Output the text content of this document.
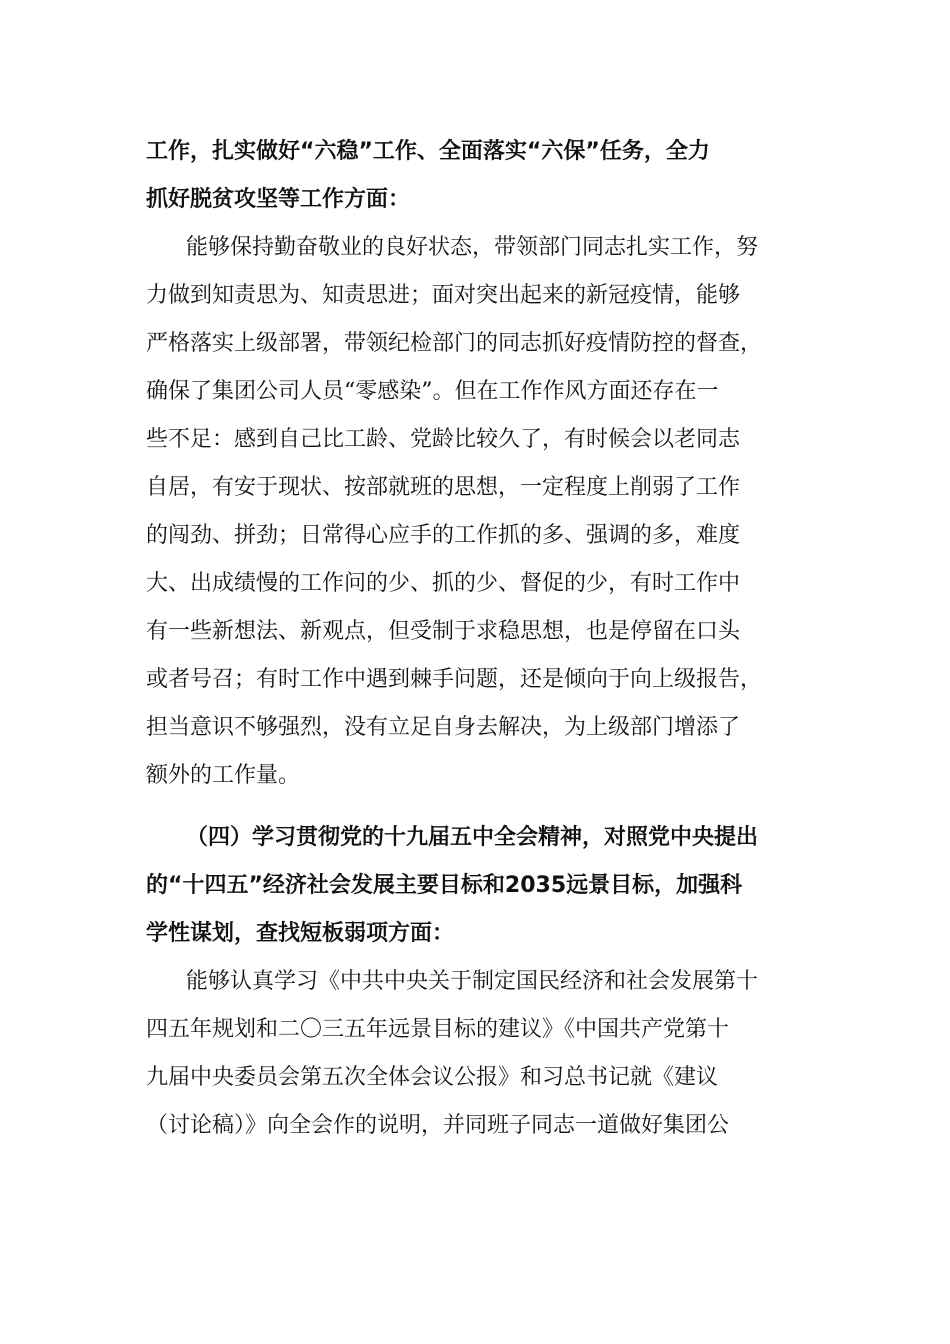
工作，扎实做好“六稳”工作、全面落实“六保”任务，全力
抓好脱贫攻坚等工作方面：
能够保持勤奋敬业的良好状态，带领部门同志扎实工作，努
力做到知责思为、知责思进；面对突出起来的新冠疫情，能够
严格落实上级部署，带领纪检部门的同志抓好疫情防控的督查，
确保了集团公司人员“零感染”。但在工作作风方面还存在一
些不足：感到自己比工龄、党龄比较久了，有时候会以老同志
自居，有安于现状、按部就班的思想，一定程度上削弱了工作
的闯劲、拼劲；日常得心应手的工作抓的多、强调的多，难度
大、出成绩慢的工作问的少、抓的少、督促的少，有时工作中
有一些新想法、新观点，但受制于求稳思想，也是停留在口头
或者号召；有时工作中遇到棘手问题，还是倾向于向上级报告，
担当意识不够强烈，没有立足自身去解决，为上级部门增添了
额外的工作量。
（四）学习贯彻党的十九届五中全会精神，对照党中央提出
的“十四五”经济社会发展主要目标和2035远景目标，加强科
学性谋划，查找短板弱项方面：
能够认真学习《中共中央关于制定国民经济和社会发展第十
四五年规划和二〇三五年远景目标的建议》《中国共产党第十
九届中央委员会第五次全体会议公报》和习总书记就《建议
（讨论稿）》向全会作的说明，并同班子同志一道做好集团公
